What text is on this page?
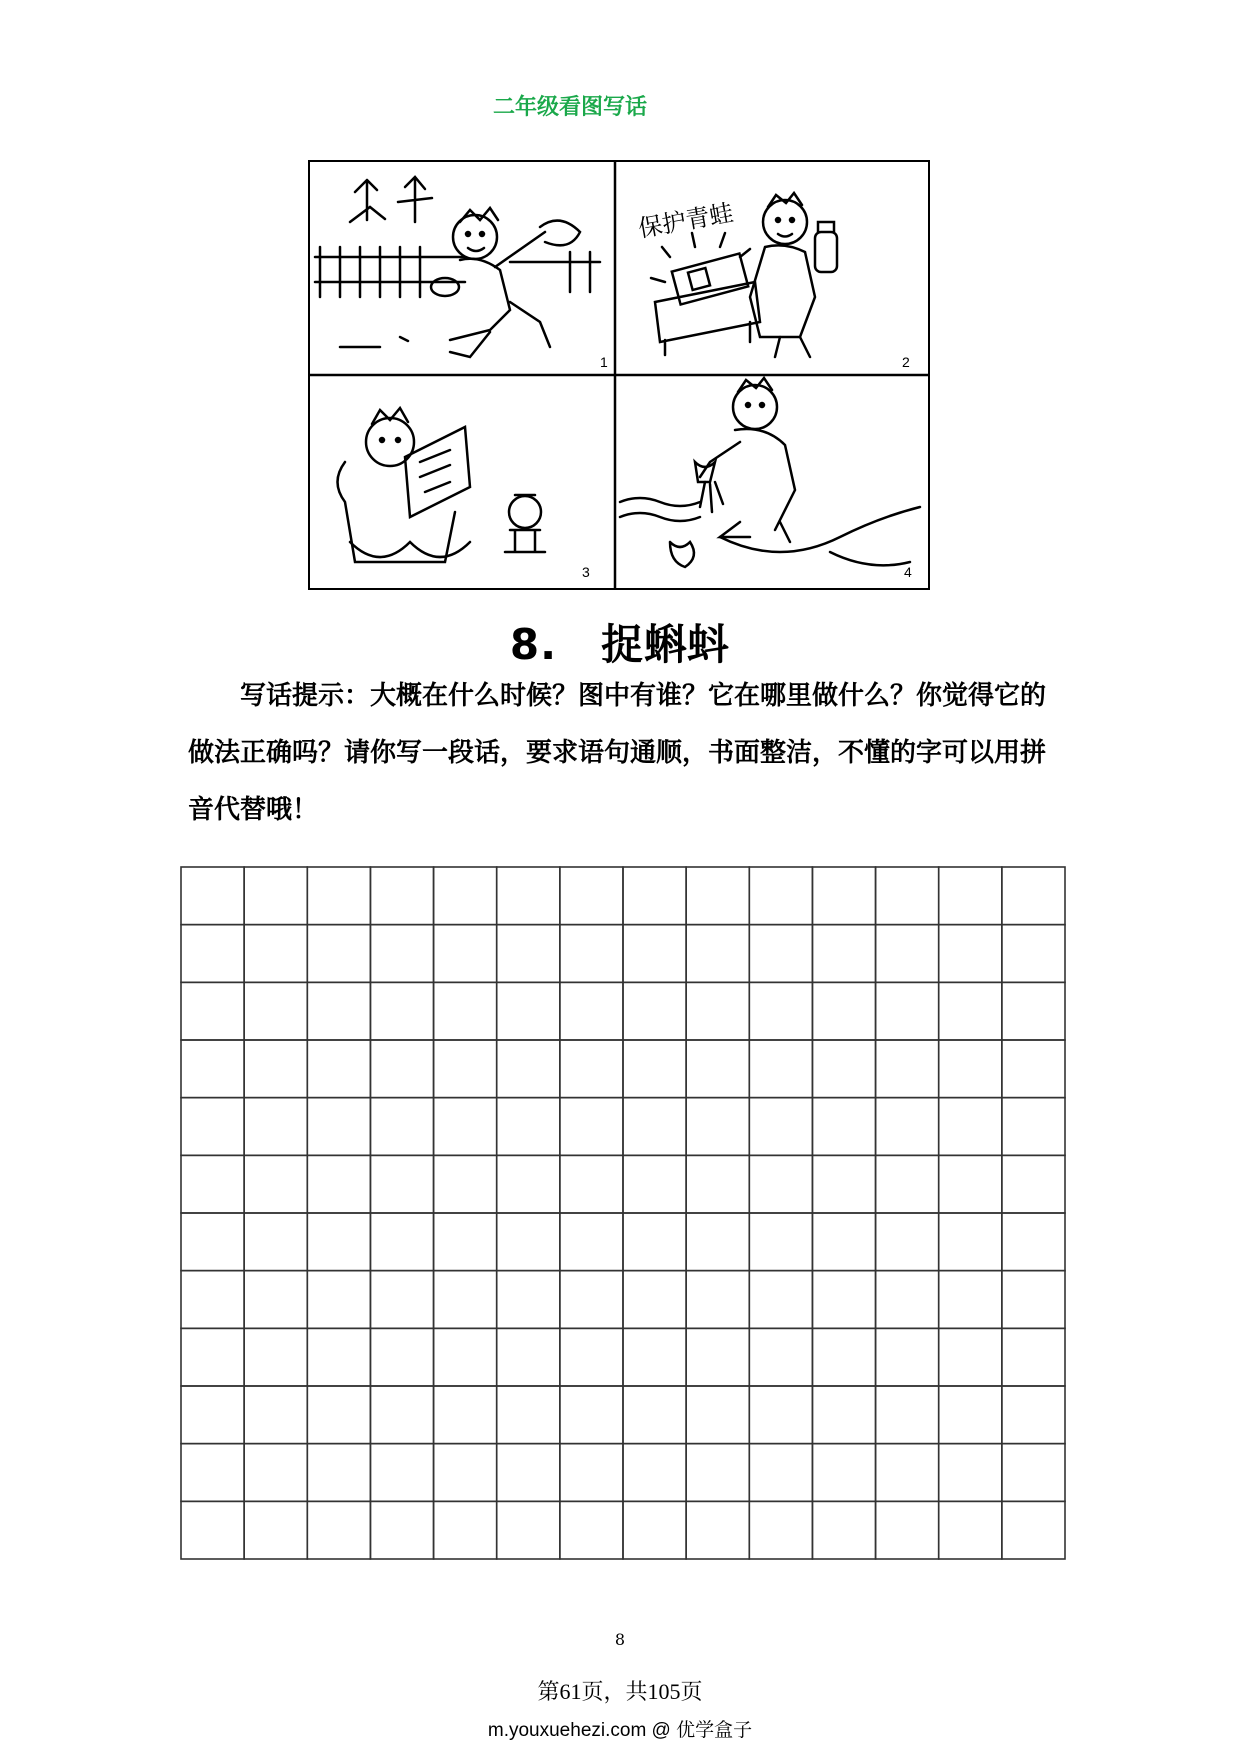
二年级看图写话
1
保护青蛙
2
3	4
8. 捉蝌蚪
写话提示：大概在什么时候？图中有谁？它在哪里做什么？你觉得它的做法正确吗？请你写一段话，要求语句通顺，书面整洁，不懂的字可以用拼音代替哦！
8
第61页，共105页
m.youxuehezi.com @ 优学盒子
